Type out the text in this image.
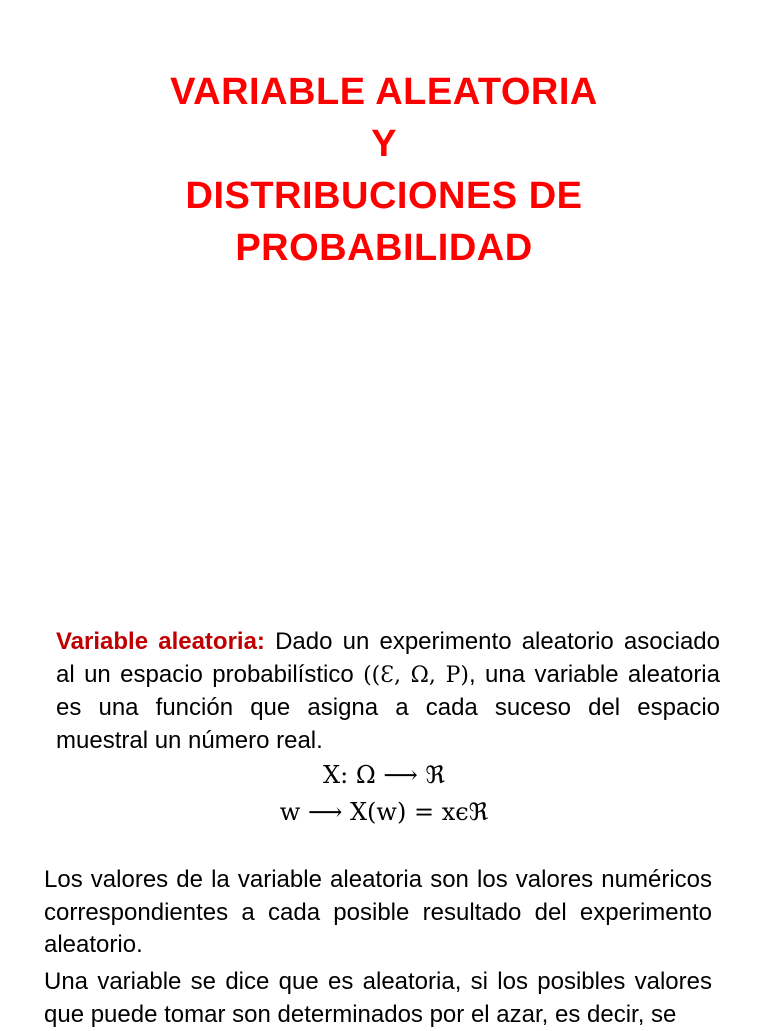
VARIABLE ALEATORIA
Y
DISTRIBUCIONES DE
PROBABILIDAD
Variable aleatoria: Dado un experimento aleatorio asociado al un espacio probabilístico ((Ɛ, Ω, P), una variable aleatoria es una función que asigna a cada suceso del espacio muestral un número real.
X: Ω ⟶ ℜ
w ⟶ X(w) = xϵℜ
Los valores de la variable aleatoria son los valores numéricos correspondientes a cada posible resultado del experimento aleatorio.
Una variable se dice que es aleatoria, si los posibles valores que puede tomar son determinados por el azar, es decir, se
